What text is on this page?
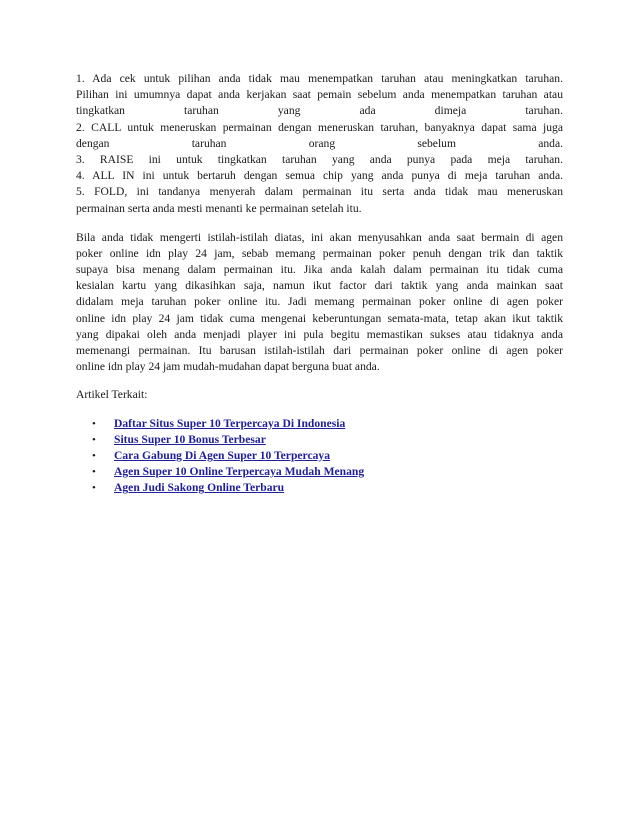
1. Ada cek untuk pilihan anda tidak mau menempatkan taruhan atau meningkatkan taruhan.
Pilihan ini umumnya dapat anda kerjakan saat pemain sebelum anda menempatkan taruhan atau
tingkatkan taruhan yang ada dimeja taruhan.
2. CALL untuk meneruskan permainan dengan meneruskan taruhan, banyaknya dapat sama juga
dengan taruhan orang sebelum anda.
3. RAISE ini untuk tingkatkan taruhan yang anda punya pada meja taruhan.
4. ALL IN ini untuk bertaruh dengan semua chip yang anda punya di meja taruhan anda.
5. FOLD, ini tandanya menyerah dalam permainan itu serta anda tidak mau meneruskan
permainan serta anda mesti menanti ke permainan setelah itu.
Bila anda tidak mengerti istilah-istilah diatas, ini akan menyusahkan anda saat bermain di agen
poker online idn play 24 jam, sebab memang permainan poker penuh dengan trik dan taktik
supaya bisa menang dalam permainan itu. Jika anda kalah dalam permainan itu tidak cuma
kesialan kartu yang dikasihkan saja, namun ikut factor dari taktik yang anda mainkan saat
didalam meja taruhan poker online itu. Jadi memang permainan poker online di agen poker
online idn play 24 jam tidak cuma mengenai keberuntungan semata-mata, tetap akan ikut taktik
yang dipakai oleh anda menjadi player ini pula begitu memastikan sukses atau tidaknya anda
memenangi permainan. Itu barusan istilah-istilah dari permainan poker online di agen poker
online idn play 24 jam mudah-mudahan dapat berguna buat anda.
Artikel Terkait:
• Daftar Situs Super 10 Terpercaya Di Indonesia
• Situs Super 10 Bonus Terbesar
• Cara Gabung Di Agen Super 10 Terpercaya
• Agen Super 10 Online Terpercaya Mudah Menang
• Agen Judi Sakong Online Terbaru
